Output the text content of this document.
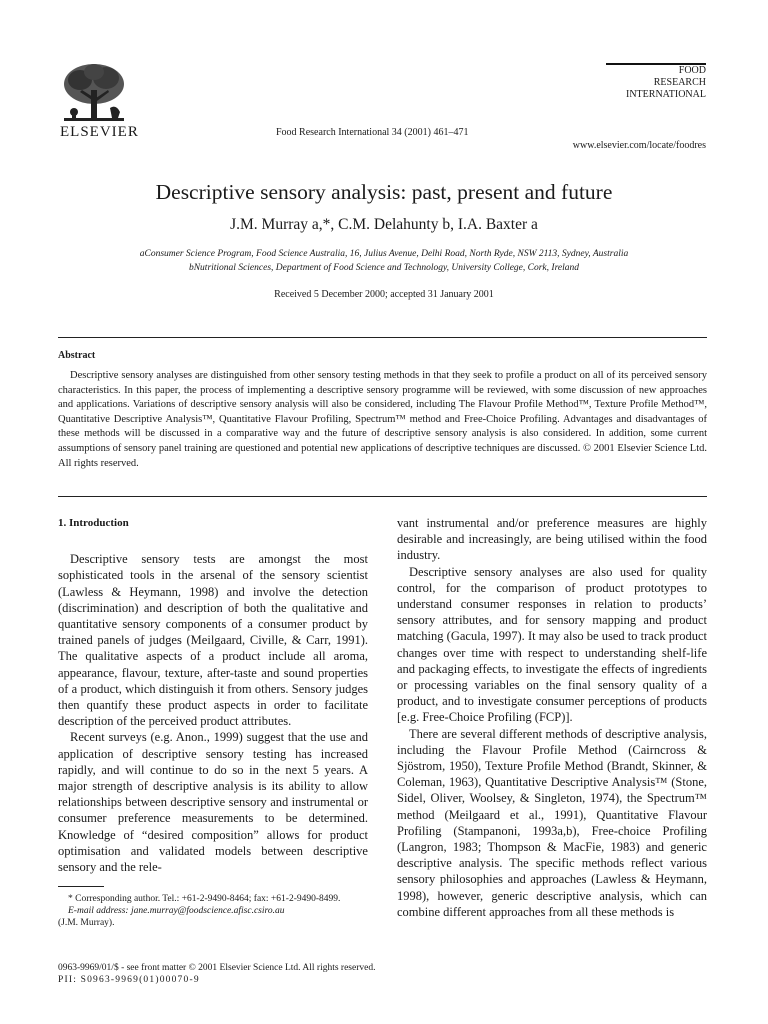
ELSEVIER	Food Research International 34 (2001) 461–471
FOOD
RESEARCH
INTERNATIONAL
www.elsevier.com/locate/foodres
Descriptive sensory analysis: past, present and future
J.M. Murray a,*, C.M. Delahunty b, I.A. Baxter a
aConsumer Science Program, Food Science Australia, 16, Julius Avenue, Delhi Road, North Ryde, NSW 2113, Sydney, Australia
bNutritional Sciences, Department of Food Science and Technology, University College, Cork, Ireland
Received 5 December 2000; accepted 31 January 2001
Abstract

Descriptive sensory analyses are distinguished from other sensory testing methods in that they seek to profile a product on all of its perceived sensory characteristics. In this paper, the process of implementing a descriptive sensory programme will be reviewed, with some discussion of new approaches and applications. Variations of descriptive sensory analysis will also be considered, including The Flavour Profile Method™, Texture Profile Method™, Quantitative Descriptive Analysis™, Quantitative Flavour Profiling, Spectrum™ method and Free-Choice Profiling. Advantages and disadvantages of these methods will be discussed in a comparative way and the future of descriptive sensory analysis is also considered. In addition, some current assumptions of sensory panel training are questioned and potential new applications of descriptive techniques are discussed. © 2001 Elsevier Science Ltd. All rights reserved.

1. Introduction

Descriptive sensory tests are amongst the most sophisticated tools in the arsenal of the sensory scientist (Lawless & Heymann, 1998) and involve the detection (discrimination) and description of both the qualitative and quantitative sensory components of a consumer product by trained panels of judges (Meilgaard, Civille, & Carr, 1991). The qualitative aspects of a product include all aroma, appearance, flavour, texture, after-taste and sound properties of a product, which distinguish it from others. Sensory judges then quantify these product aspects in order to facilitate description of the perceived product attributes.

Recent surveys (e.g. Anon., 1999) suggest that the use and application of descriptive sensory testing has increased rapidly, and will continue to do so in the next 5 years. A major strength of descriptive analysis is its ability to allow relationships between descriptive sensory and instrumental or consumer preference measurements to be determined. Knowledge of “desired composition” allows for product optimisation and validated models between descriptive sensory and the rele-

vant instrumental and/or preference measures are highly desirable and increasingly, are being utilised within the food industry.

Descriptive sensory analyses are also used for quality control, for the comparison of product prototypes to understand consumer responses in relation to products’ sensory attributes, and for sensory mapping and product matching (Gacula, 1997). It may also be used to track product changes over time with respect to understanding shelf-life and packaging effects, to investigate the effects of ingredients or processing variables on the final sensory quality of a product, and to investigate consumer perceptions of products [e.g. Free-Choice Profiling (FCP)].

There are several different methods of descriptive analysis, including the Flavour Profile Method (Cairncross & Sjöstrom, 1950), Texture Profile Method (Brandt, Skinner, & Coleman, 1963), Quantitative Descriptive Analysis™ (Stone, Sidel, Oliver, Woolsey, & Singleton, 1974), the Spectrum™ method (Meilgaard et al., 1991), Quantitative Flavour Profiling (Stampanoni, 1993a,b), Free-choice Profiling (Langron, 1983; Thompson & MacFie, 1983) and generic descriptive analysis. The specific methods reflect various sensory philosophies and approaches (Lawless & Heymann, 1998), however, generic descriptive analysis, which can combine different approaches from all these methods is

* Corresponding author. Tel.: +61-2-9490-8464; fax: +61-2-9490-8499.

E-mail address: jane.murray@foodscience.afisc.csiro.au

(J.M. Murray).

0963-9969/01/$ - see front matter © 2001 Elsevier Science Ltd. All rights reserved.
PII: S0963-9969(01)00070-9
